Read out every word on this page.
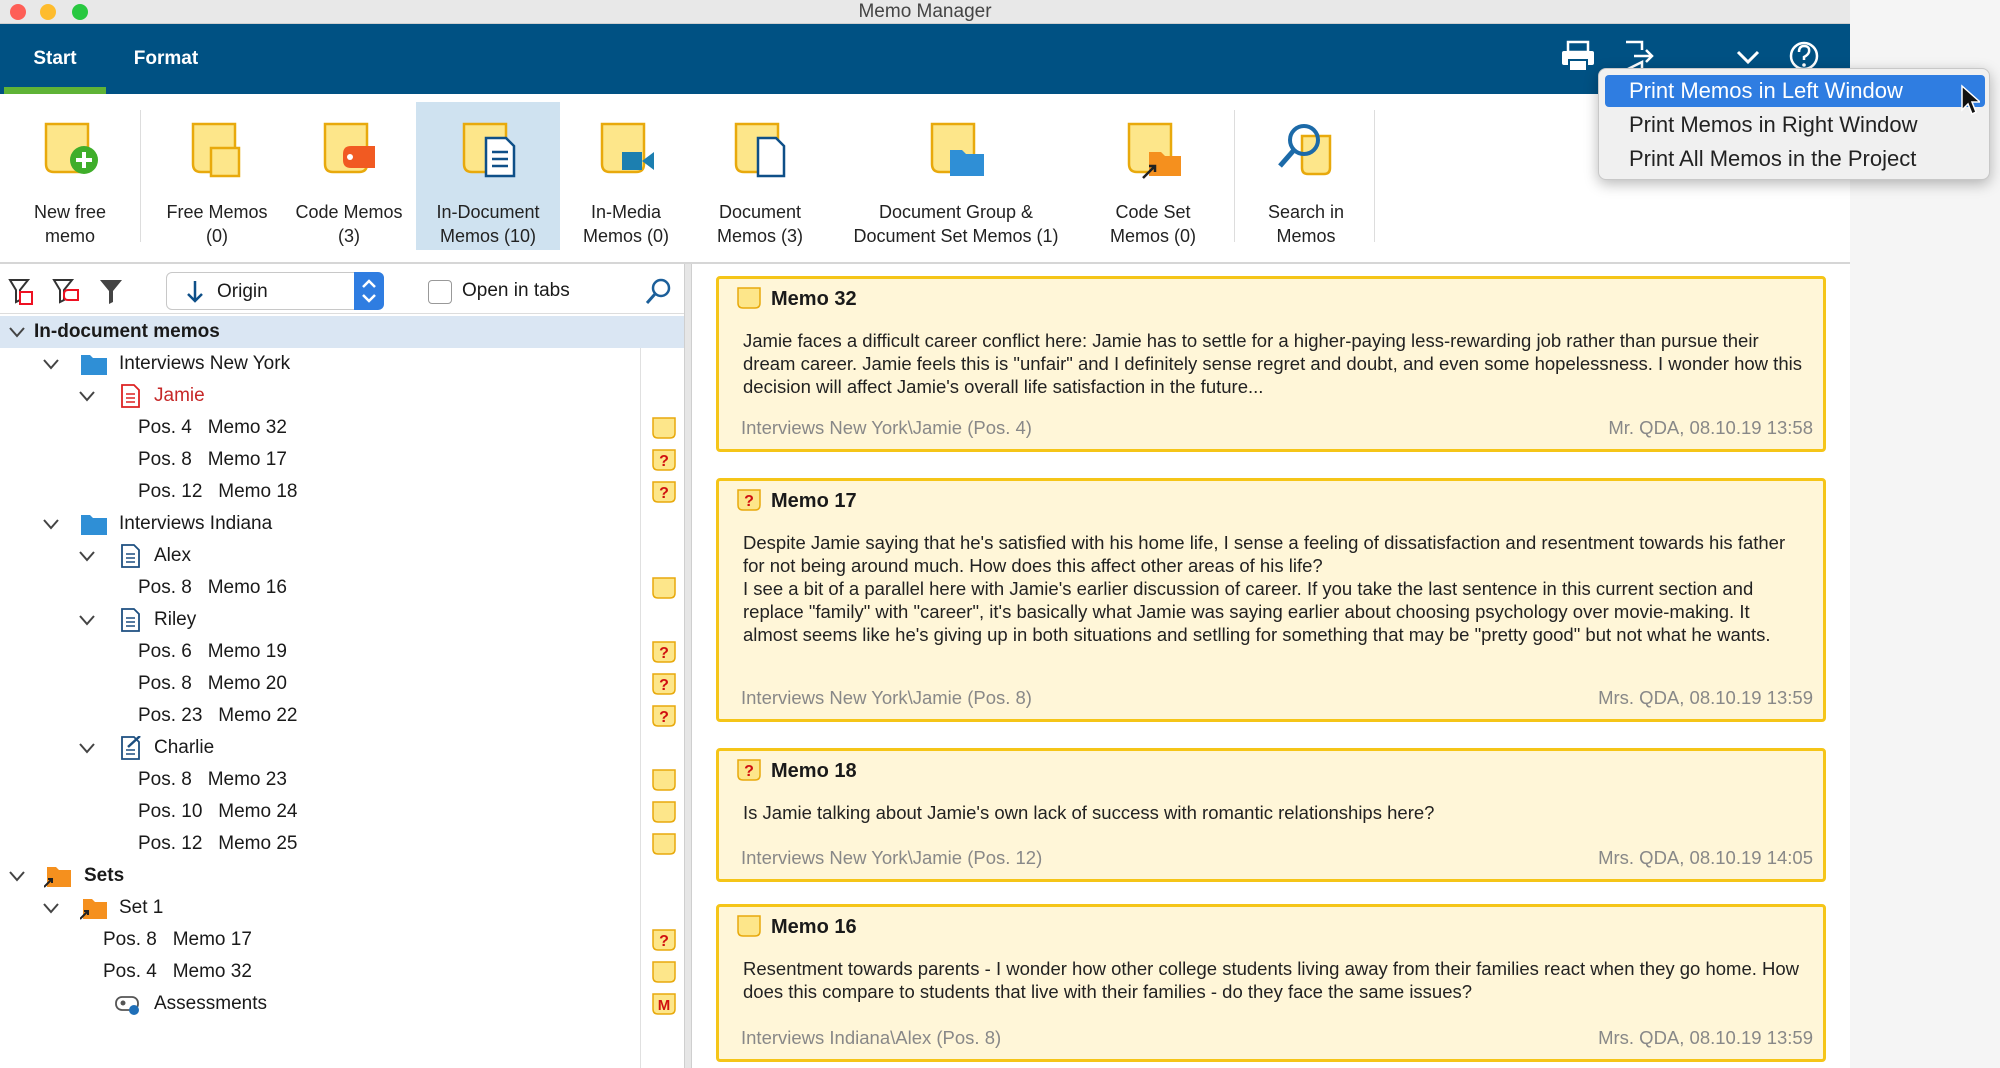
Memo Manager
Start	Format
New free
memo
Free Memos
(0)
Code Memos
(3)
In-Document
Memos (10)
In-Media
Memos (0)
Document
Memos (3)
Document Group &
Document Set Memos (1)
Code Set
Memos (0)
Search in
Memos
Origin	Open in tabs
In-document memos
Interviews New York
Jamie
Pos. 4   Memo 32
Pos. 8   Memo 17	?
Pos. 12   Memo 18	?
Interviews Indiana
Alex
Pos. 8   Memo 16
Riley
Pos. 6   Memo 19	?
Pos. 8   Memo 20	?
Pos. 23   Memo 22	?
Charlie
Pos. 8   Memo 23
Pos. 10   Memo 24
Pos. 12   Memo 25
Sets
Set 1
Pos. 8   Memo 17	?
Pos. 4   Memo 32
Assessments	M
Memo 32
Jamie faces a difficult career conflict here: Jamie has to settle for a higher-paying less-rewarding job rather than pursue their dream career. Jamie feels this is "unfair" and I definitely sense regret and doubt, and even some hopelessness. I wonder how this decision will affect Jamie's overall life satisfaction in the future...
Interviews New York\Jamie (Pos. 4)	Mr. QDA, 08.10.19 13:58
? Memo 17
Despite Jamie saying that he's satisfied with his home life, I sense a feeling of dissatisfaction and resentment towards his father for not being around much. How does this affect other areas of his life?
I see a bit of a parallel here with Jamie's earlier discussion of career. If you take the last sentence in this current section and replace "family" with "career", it's basically what Jamie was saying earlier about choosing psychology over movie-making. It almost seems like he's giving up in both situations and setlling for something that may be "pretty good" but not what he wants.
Interviews New York\Jamie (Pos. 8)	Mrs. QDA, 08.10.19 13:59
? Memo 18
Is Jamie talking about Jamie's own lack of success with romantic relationships here?
Interviews New York\Jamie (Pos. 12)	Mrs. QDA, 08.10.19 14:05
Memo 16
Resentment towards parents - I wonder how other college students living away from their families react when they go home. How does this compare to students that live with their families - do they face the same issues?
Interviews Indiana\Alex (Pos. 8)	Mrs. QDA, 08.10.19 13:59
Print Memos in Left Window
Print Memos in Right Window
Print All Memos in the Project
